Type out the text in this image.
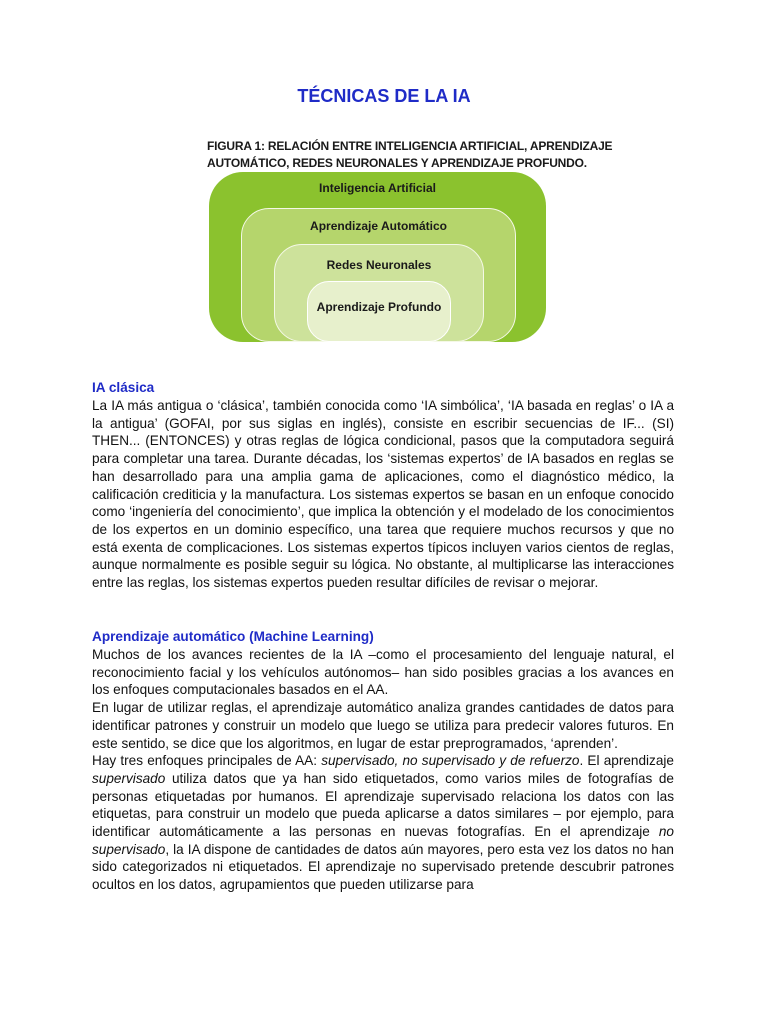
TÉCNICAS DE LA IA
FIGURA 1: RELACIÓN ENTRE INTELIGENCIA ARTIFICIAL, APRENDIZAJE
AUTOMÁTICO, REDES NEURONALES Y APRENDIZAJE PROFUNDO.
Inteligencia Artificial
Aprendizaje Automático
Redes Neuronales
Aprendizaje Profundo
IA clásica

La IA más antigua o ‘clásica’, también conocida como ‘IA simbólica’, ‘IA basada en reglas’ o IA a la antigua’ (GOFAI, por sus siglas en inglés), consiste en escribir secuencias de IF... (SI) THEN... (ENTONCES) y otras reglas de lógica condicional, pasos que la computadora seguirá para completar una tarea. Durante décadas, los ‘sistemas expertos’ de IA basados en reglas se han desarrollado para una amplia gama de aplicaciones, como el diagnóstico médico, la calificación crediticia y la manufactura. Los sistemas expertos se basan en un enfoque conocido como ‘ingeniería del conocimiento’, que implica la obtención y el modelado de los conocimientos de los expertos en un dominio específico, una tarea que requiere muchos recursos y que no está exenta de complicaciones. Los sistemas expertos típicos incluyen varios cientos de reglas, aunque normalmente es posible seguir su lógica. No obstante, al multiplicarse las interacciones entre las reglas, los sistemas expertos pueden resultar difíciles de revisar o mejorar.

Aprendizaje automático (Machine Learning)

Muchos de los avances recientes de la IA –como el procesamiento del lenguaje natural, el reconocimiento facial y los vehículos autónomos– han sido posibles gracias a los avances en los enfoques computacionales basados en el AA.

En lugar de utilizar reglas, el aprendizaje automático analiza grandes cantidades de datos para identificar patrones y construir un modelo que luego se utiliza para predecir valores futuros. En este sentido, se dice que los algoritmos, en lugar de estar preprogramados, ‘aprenden’.

Hay tres enfoques principales de AA: supervisado, no supervisado y de refuerzo. El aprendizaje supervisado utiliza datos que ya han sido etiquetados, como varios miles de fotografías de personas etiquetadas por humanos. El aprendizaje supervisado relaciona los datos con las etiquetas, para construir un modelo que pueda aplicarse a datos similares – por ejemplo, para identificar automáticamente a las personas en nuevas fotografías. En el aprendizaje no supervisado, la IA dispone de cantidades de datos aún mayores, pero esta vez los datos no han sido categorizados ni etiquetados. El aprendizaje no supervisado pretende descubrir patrones ocultos en los datos, agrupamientos que pueden utilizarse para
